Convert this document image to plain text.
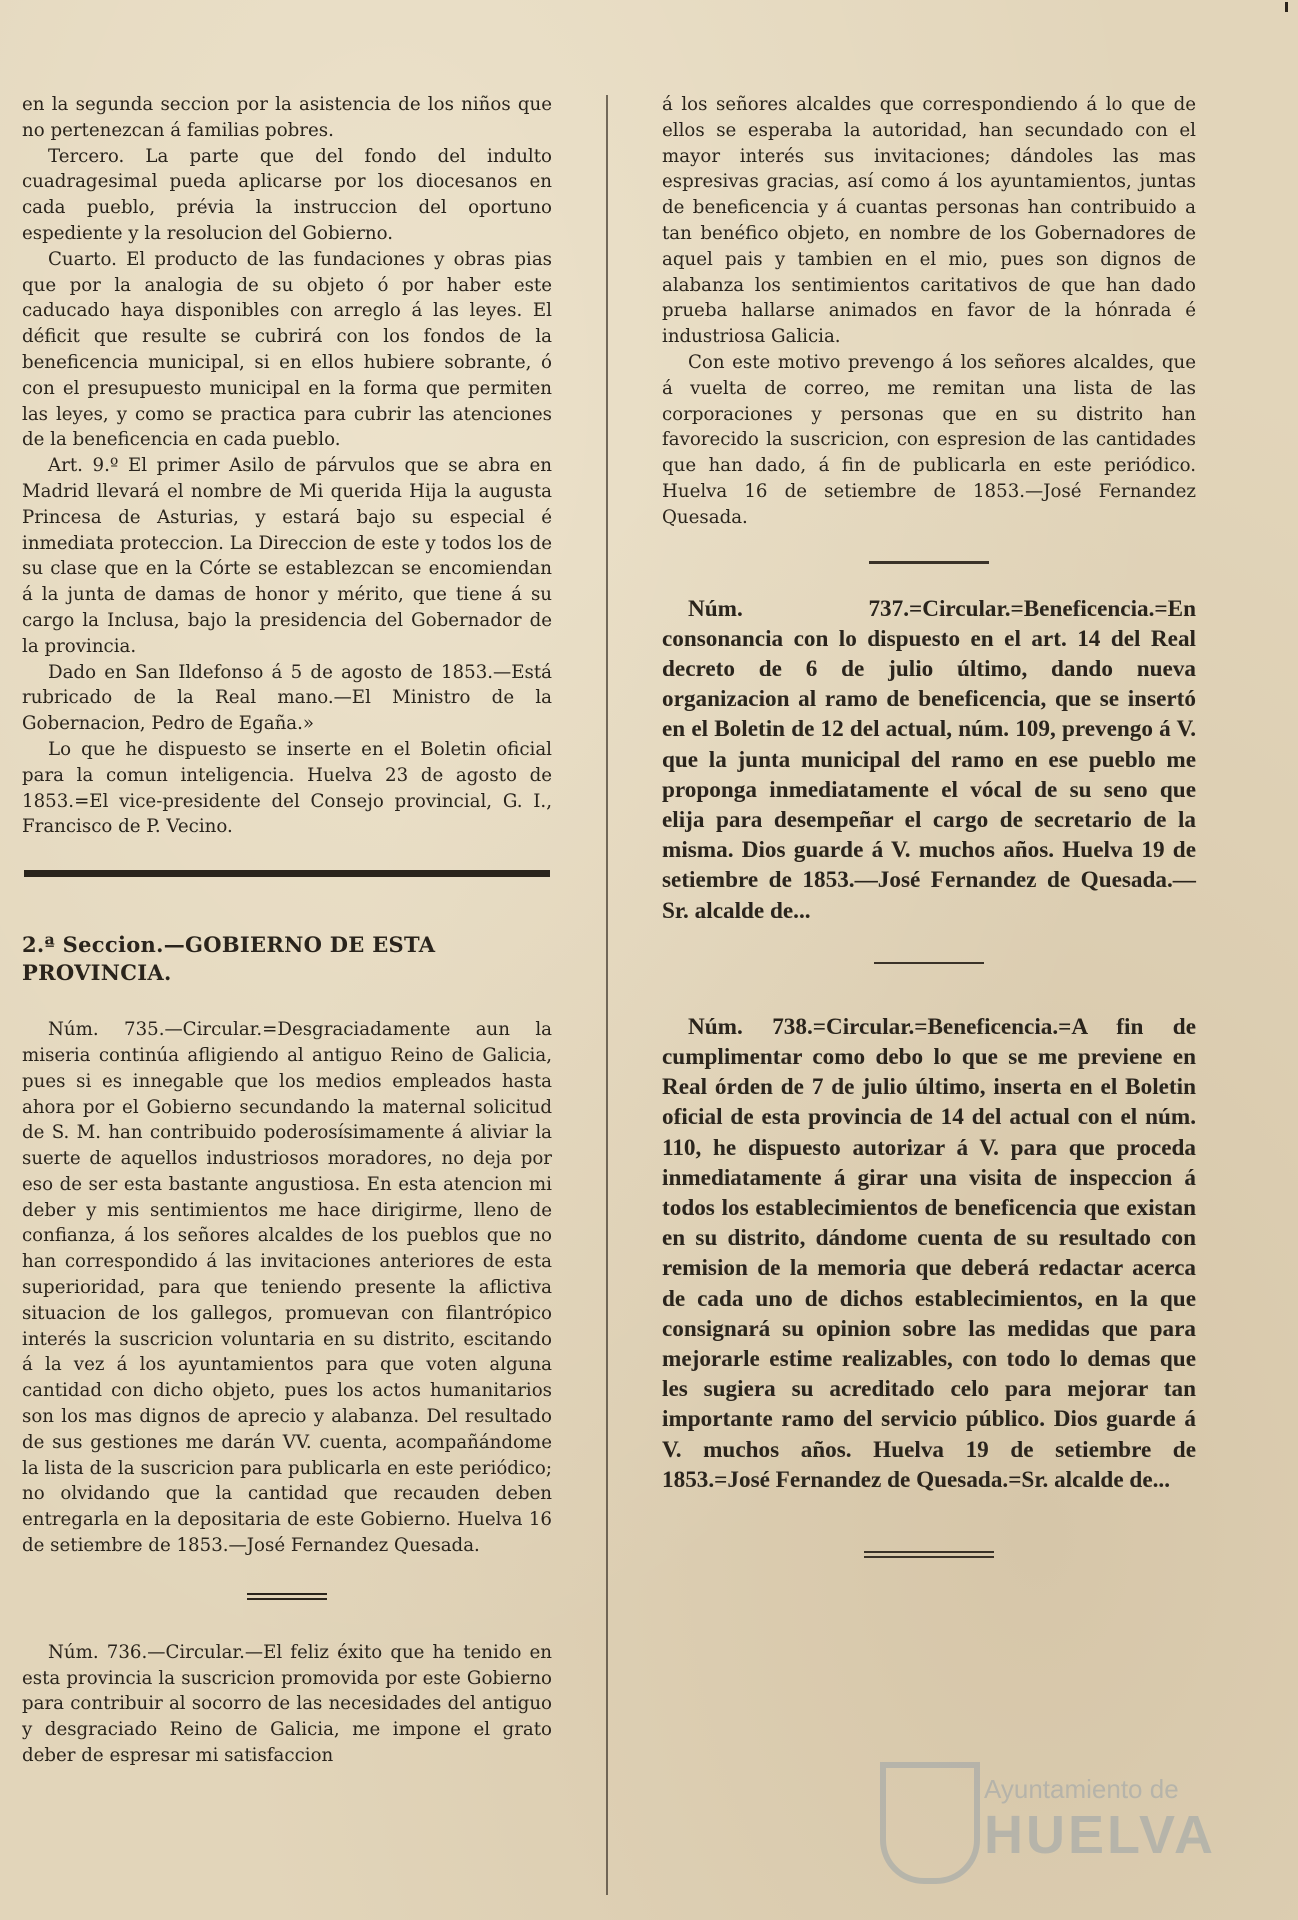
en la segunda seccion por la asistencia de los niños que no pertenezcan á familias pobres.

Tercero. La parte que del fondo del indulto cuadragesimal pueda aplicarse por los diocesanos en cada pueblo, prévia la instruccion del oportuno espediente y la resolucion del Gobierno.

Cuarto. El producto de las fundaciones y obras pias que por la analogia de su objeto ó por haber este caducado haya disponibles con arreglo á las leyes. El déficit que resulte se cubrirá con los fondos de la beneficencia municipal, si en ellos hubiere sobrante, ó con el presupuesto municipal en la forma que permiten las leyes, y como se practica para cubrir las atenciones de la beneficencia en cada pueblo.

Art. 9.º El primer Asilo de párvulos que se abra en Madrid llevará el nombre de Mi querida Hija la augusta Princesa de Asturias, y estará bajo su especial é inmediata proteccion. La Direccion de este y todos los de su clase que en la Córte se establezcan se encomiendan á la junta de damas de honor y mérito, que tiene á su cargo la Inclusa, bajo la presidencia del Gobernador de la provincia.

Dado en San Ildefonso á 5 de agosto de 1853.—Está rubricado de la Real mano.—El Ministro de la Gobernacion, Pedro de Egaña.»

Lo que he dispuesto se inserte en el Boletin oficial para la comun inteligencia. Huelva 23 de agosto de 1853.=El vice-presidente del Consejo provincial, G. I., Francisco de P. Vecino.

2.ª Seccion.—GOBIERNO DE ESTA PROVINCIA.

Núm. 735.—Circular.=Desgraciadamente aun la miseria continúa afligiendo al antiguo Reino de Galicia, pues si es innegable que los medios empleados hasta ahora por el Gobierno secundando la maternal solicitud de S. M. han contribuido poderosísimamente á aliviar la suerte de aquellos industriosos moradores, no deja por eso de ser esta bastante angustiosa. En esta atencion mi deber y mis sentimientos me hace dirigirme, lleno de confianza, á los señores alcaldes de los pueblos que no han correspondido á las invitaciones anteriores de esta superioridad, para que teniendo presente la aflictiva situacion de los gallegos, promuevan con filantrópico interés la suscricion voluntaria en su distrito, escitando á la vez á los ayuntamientos para que voten alguna cantidad con dicho objeto, pues los actos humanitarios son los mas dignos de aprecio y alabanza. Del resultado de sus gestiones me darán VV. cuenta, acompañándome la lista de la suscricion para publicarla en este periódico; no olvidando que la cantidad que recauden deben entregarla en la depositaria de este Gobierno. Huelva 16 de setiembre de 1853.—José Fernandez Quesada.

Núm. 736.—Circular.—El feliz éxito que ha tenido en esta provincia la suscricion promovida por este Gobierno para contribuir al socorro de las necesidades del antiguo y desgraciado Reino de Galicia, me impone el grato deber de espresar mi satisfaccion

á los señores alcaldes que correspondiendo á lo que de ellos se esperaba la autoridad, han secundado con el mayor interés sus invitaciones; dándoles las mas espresivas gracias, así como á los ayuntamientos, juntas de beneficencia y á cuantas personas han contribuido a tan benéfico objeto, en nombre de los Gobernadores de aquel pais y tambien en el mio, pues son dignos de alabanza los sentimientos caritativos de que han dado prueba hallarse animados en favor de la hónrada é industriosa Galicia.

Con este motivo prevengo á los señores alcaldes, que á vuelta de correo, me remitan una lista de las corporaciones y personas que en su distrito han favorecido la suscricion, con espresion de las cantidades que han dado, á fin de publicarla en este periódico. Huelva 16 de setiembre de 1853.—José Fernandez Quesada.

Núm. 737.=Circular.=Beneficencia.=En consonancia con lo dispuesto en el art. 14 del Real decreto de 6 de julio último, dando nueva organizacion al ramo de beneficencia, que se insertó en el Boletin de 12 del actual, núm. 109, prevengo á V. que la junta municipal del ramo en ese pueblo me proponga inmediatamente el vócal de su seno que elija para desempeñar el cargo de secretario de la misma. Dios guarde á V. muchos años. Huelva 19 de setiembre de 1853.—José Fernandez de Quesada.—Sr. alcalde de...

Núm. 738.=Circular.=Beneficencia.=A fin de cumplimentar como debo lo que se me previene en Real órden de 7 de julio último, inserta en el Boletin oficial de esta provincia de 14 del actual con el núm. 110, he dispuesto autorizar á V. para que proceda inmediatamente á girar una visita de inspeccion á todos los establecimientos de beneficencia que existan en su distrito, dándome cuenta de su resultado con remision de la memoria que deberá redactar acerca de cada uno de dichos establecimientos, en la que consignará su opinion sobre las medidas que para mejorarle estime realizables, con todo lo demas que les sugiera su acreditado celo para mejorar tan importante ramo del servicio público. Dios guarde á V. muchos años. Huelva 19 de setiembre de 1853.=José Fernandez de Quesada.=Sr. alcalde de...

Ayuntamiento de
HUELVA
